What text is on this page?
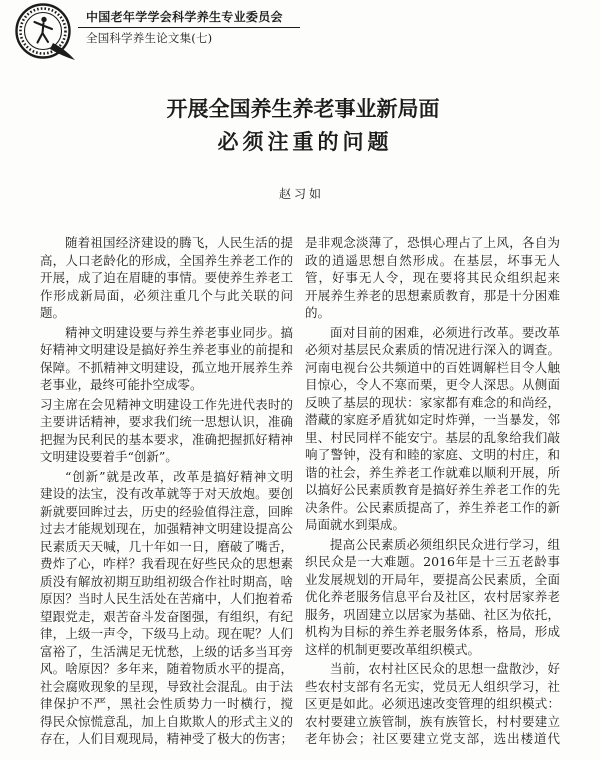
中国老年学学会科学养生专业委员会
全国科学养生论文集(七)
开展全国养生养老事业新局面
必须注重的问题
赵习如
随着祖国经济建设的腾飞，人民生活的提
高，人口老龄化的形成，全国养生养老工作的
开展，成了迫在眉睫的事情。要使养生养老工
作形成新局面，必须注重几个与此关联的问
题。
精神文明建设要与养生养老事业同步。搞
好精神文明建设是搞好养生养老事业的前提和
保障。不抓精神文明建设，孤立地开展养生养
老事业，最终可能扑空成零。
习主席在会见精神文明建设工作先进代表时的
主要讲话精神，要求我们统一思想认识，准确
把握为民利民的基本要求，准确把握抓好精神
文明建设要着手“创新”。
“创新”就是改革，改革是搞好精神文明
建设的法宝，没有改革就等于对天放炮。要创
新就要回眸过去，历史的经验值得注意，回眸
过去才能规划现在，加强精神文明建设提高公
民素质天天喊，几十年如一日，磨破了嘴舌，
费炸了心，咋样？我看现在好些民众的思想素
质没有解放初期互助组初级合作社时期高，啥
原因？当时人民生活处在苦痛中，人们抱着希
望跟党走，艰苦奋斗发奋图强，有组织，有纪
律，上级一声令，下级马上动。现在呢？人们
富裕了，生活满足无忧愁，上级的话多当耳旁
风。啥原因？多年来，随着物质水平的提高，
社会腐败现象的呈现，导致社会混乱。由于法
律保护不严，黑社会性质势力一时横行，搅
得民众惊慌意乱，加上自欺欺人的形式主义的
存在，人们目观现局，精神受了极大的伤害；
是非观念淡薄了，恐惧心理占了上风，各自为
政的逍遥思想自然形成。在基层，坏事无人
管，好事无人令，现在要将其民众组织起来
开展养生养老的思想素质教育，那是十分困难
的。
面对目前的困难，必须进行改革。要改革
必须对基层民众素质的情况进行深入的调查。
河南电视台公共频道中的百姓调解栏目令人触
目惊心，令人不寒而栗，更令人深思。从侧面
反映了基层的现状：家家都有难念的和尚经，
潜藏的家庭矛盾犹如定时炸弹，一当暴发，邻
里、村民同样不能安宁。基层的乱象给我们敲
响了警钟，没有和睦的家庭、文明的村庄，和
谐的社会，养生养老工作就难以顺利开展，所
以搞好公民素质教育是搞好养生养老工作的先
决条件。公民素质提高了，养生养老工作的新
局面就水到渠成。
提高公民素质必须组织民众进行学习，组
织民众是一大难题。2016年是十三五老龄事
业发展规划的开局年，要提高公民素质，全面
优化养老服务信息平台及社区，农村居家养老
服务，巩固建立以居家为基础、社区为依托，
机构为目标的养生养老服务体系，格局，形成
这样的机制更要改革组织模式。
当前，农村社区民众的思想一盘散沙，好
些农村支部有名无实，党员无人组织学习，社
区更是如此。必须迅速改变管理的组织模式：
农村要建立族管制，族有族管长，村村要建立
老年协会；社区要建立党支部，选出楼道代
